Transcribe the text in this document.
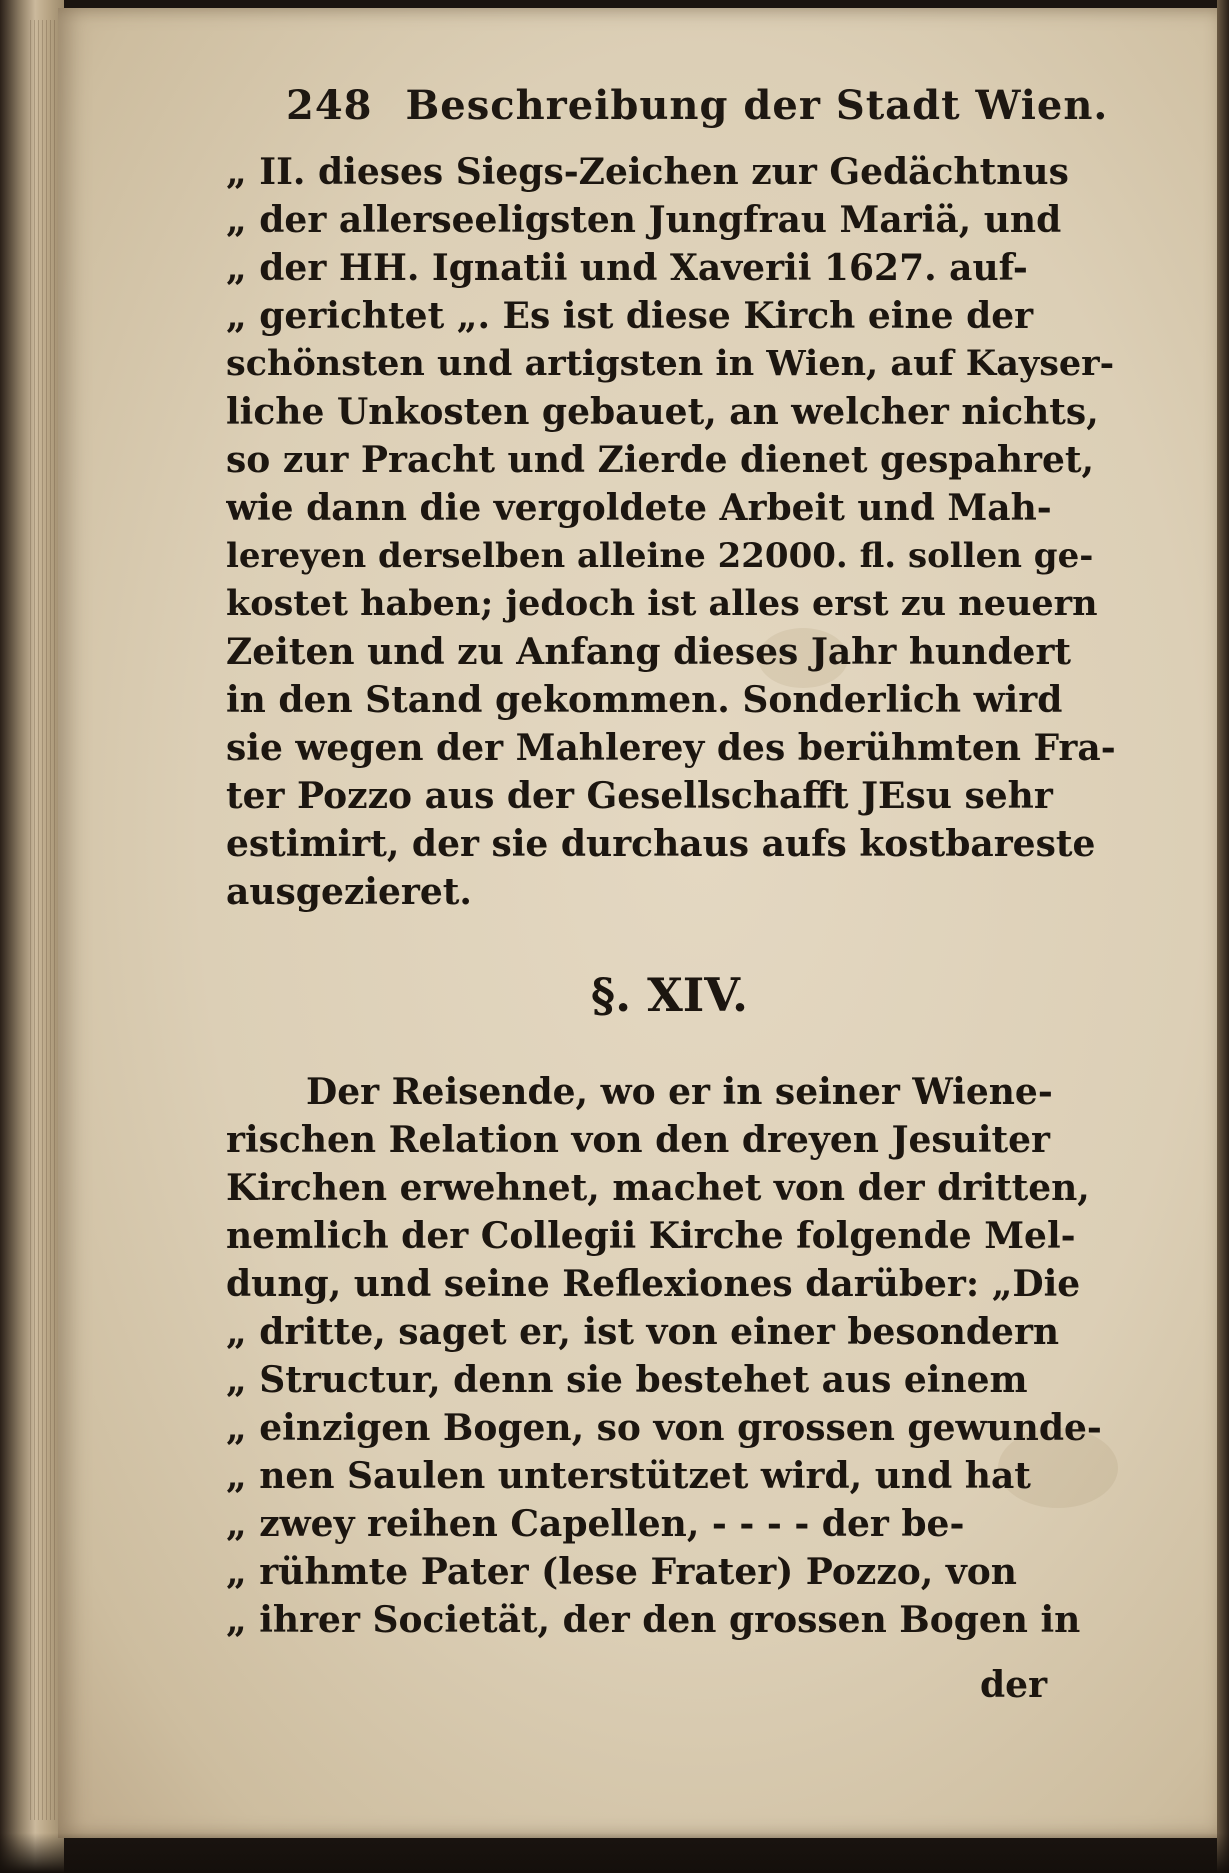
248 Beschreibung der Stadt Wien.
„ II. dieses Siegs-Zeichen zur Gedächtnus
„ der allerseeligsten Jungfrau Mariä, und
„ der HH. Ignatii und Xaverii 1627. auf-
„ gerichtet „. Es ist diese Kirch eine der
schönsten und artigsten in Wien, auf Kayser-
liche Unkosten gebauet, an welcher nichts,
so zur Pracht und Zierde dienet gespahret,
wie dann die vergoldete Arbeit und Mah-
lereyen derselben alleine 22000. fl. sollen ge-
kostet haben; jedoch ist alles erst zu neuern
Zeiten und zu Anfang dieses Jahr hundert
in den Stand gekommen. Sonderlich wird
sie wegen der Mahlerey des berühmten Fra-
ter Pozzo aus der Gesellschafft JEsu sehr
estimirt, der sie durchaus aufs kostbareste
ausgezieret.
§. XIV.
Der Reisende, wo er in seiner Wiene-
rischen Relation von den dreyen Jesuiter
Kirchen erwehnet, machet von der dritten,
nemlich der Collegii Kirche folgende Mel-
dung, und seine Reflexiones darüber: „Die
„ dritte, saget er, ist von einer besondern
„ Structur, denn sie bestehet aus einem
„ einzigen Bogen, so von grossen gewunde-
„ nen Saulen unterstützet wird, und hat
„ zwey reihen Capellen, - - - - der be-
„ rühmte Pater (lese Frater) Pozzo, von
„ ihrer Societät, der den grossen Bogen in
der
